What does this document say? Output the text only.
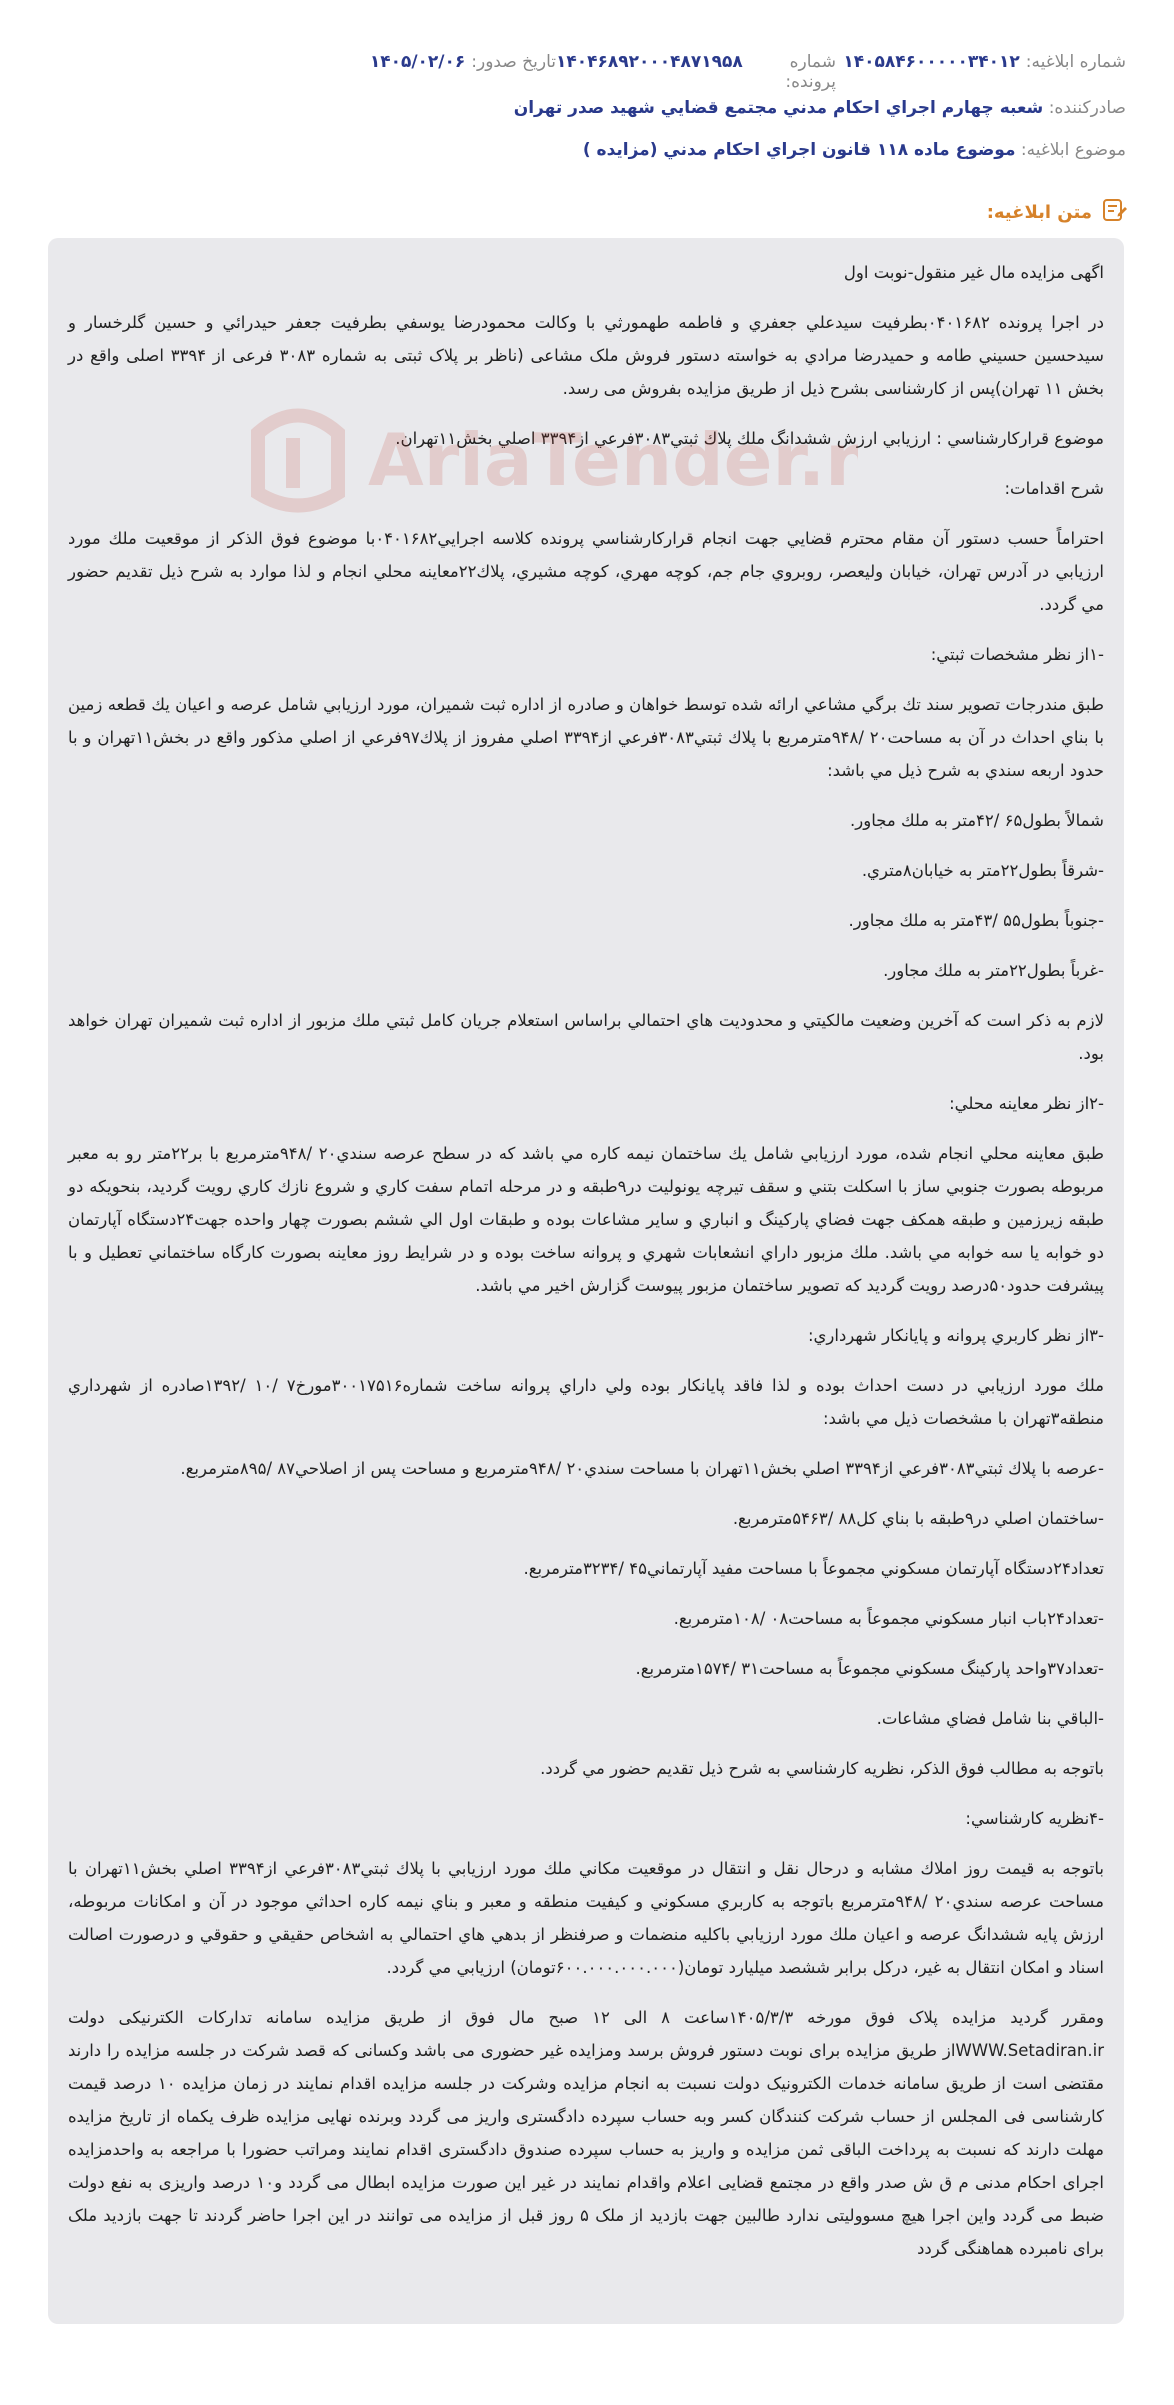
شماره ابلاغيه:
۱۴۰۵۸۴۶۰۰۰۰۰۳۴۰۱۲
شماره پرونده:
۱۴۰۴۶۸۹۲۰۰۰۴۸۷۱۹۵۸
تاريخ صدور:
۱۴۰۵/۰۲/۰۶
صادرکننده: شعبه چهارم اجراي احكام مدني مجتمع قضايي شهيد صدر تهران
موضوع ابلاغيه: موضوع ماده ۱۱۸ قانون اجراي احكام مدني (مزايده )
متن ابلاغيه:
AriaTender.n

اگهی مزایده مال غیر منقول-نوبت اول

در اجرا پرونده ۰۴۰۱۶۸۲بطرفيت سيدعلي جعفري و فاطمه طهمورثي با وكالت محمودرضا يوسفي بطرفيت جعفر حيدرائي و حسين گلرخسار و سيدحسين حسيني طامه و حميدرضا مرادي به خواسته دستور فروش ملک مشاعی (ناظر بر پلاک ثبتی به شماره ۳۰۸۳ فرعی از ۳۳۹۴ اصلی واقع در بخش ۱۱ تهران)پس از کارشناسی بشرح ذیل از طریق مزایده بفروش می رسد.

موضوع قراركارشناسي : ارزيابي ارزش ششدانگ ملك پلاك ثبتي۳۰۸۳فرعي از۳۳۹۴ اصلي بخش۱۱تهران.

شرح اقدامات:

احتراماً حسب دستور آن مقام محترم قضايي جهت انجام قراركارشناسي پرونده كلاسه اجرايي۰۴۰۱۶۸۲با موضوع فوق الذكر از موقعيت ملك مورد ارزيابي در آدرس تهران، خيابان وليعصر، روبروي جام جم، كوچه مهري، كوچه مشيري، پلاك۲۲معاينه محلي انجام و لذا موارد به شرح ذيل تقديم حضور مي گردد.

-۱از نظر مشخصات ثبتي:

طبق مندرجات تصوير سند تك برگي مشاعي ارائه شده توسط خواهان و صادره از اداره ثبت شميران، مورد ارزيابي شامل عرصه و اعيان يك قطعه زمين با بناي احداث در آن به مساحت۲۰ /۹۴۸مترمربع با پلاك ثبتي۳۰۸۳فرعي از۳۳۹۴ اصلي مفروز از پلاك۹۷فرعي از اصلي مذكور واقع در بخش۱۱تهران و با حدود اربعه سندي به شرح ذيل مي باشد:

شمالاً بطول۶۵ /۴۲متر به ملك مجاور.

-شرقاً بطول۲۲متر به خيابان۸متري.

-جنوباً بطول۵۵ /۴۳متر به ملك مجاور.

-غرباً بطول۲۲متر به ملك مجاور.

لازم به ذكر است كه آخرين وضعيت مالكيتي و محدوديت هاي احتمالي براساس استعلام جريان كامل ثبتي ملك مزبور از اداره ثبت شميران تهران خواهد بود.

-۲از نظر معاينه محلي:

طبق معاينه محلي انجام شده، مورد ارزيابي شامل يك ساختمان نيمه كاره مي باشد كه در سطح عرصه سندي۲۰ /۹۴۸مترمربع با بر۲۲متر رو به معبر مربوطه بصورت جنوبي ساز با اسكلت بتني و سقف تيرچه يونوليت در۹طبقه و در مرحله اتمام سفت كاري و شروع نازك كاري رويت گرديد، بنحويكه دو طبقه زيرزمين و طبقه همكف جهت فضاي پاركينگ و انباري و ساير مشاعات بوده و طبقات اول الي ششم بصورت چهار واحده جهت۲۴دستگاه آپارتمان دو خوابه يا سه خوابه مي باشد. ملك مزبور داراي انشعابات شهري و پروانه ساخت بوده و در شرايط روز معاينه بصورت كارگاه ساختماني تعطيل و با پيشرفت حدود۵۰درصد رويت گرديد كه تصوير ساختمان مزبور پيوست گزارش اخير مي باشد.

-۳از نظر كاربري پروانه و پايانكار شهرداري:

ملك مورد ارزيابي در دست احداث بوده و لذا فاقد پايانكار بوده ولي داراي پروانه ساخت شماره۳۰۰۱۷۵۱۶مورخ۷ /۱۰ /۱۳۹۲صادره از شهرداري منطقه۳تهران با مشخصات ذيل مي باشد:

-عرصه با پلاك ثبتي۳۰۸۳فرعي از۳۳۹۴ اصلي بخش۱۱تهران با مساحت سندي۲۰ /۹۴۸مترمربع و مساحت پس از اصلاحي۸۷ /۸۹۵مترمربع.

-ساختمان اصلي در۹طبقه با بناي كل۸۸ /۵۴۶۳مترمربع.

تعداد۲۴دستگاه آپارتمان مسكوني مجموعاً با مساحت مفيد آپارتماني۴۵ /۳۲۳۴مترمربع.

-تعداد۲۴باب انبار مسكوني مجموعاً به مساحت۰۸ /۱۰۸مترمربع.

-تعداد۳۷واحد پاركينگ مسكوني مجموعاً به مساحت۳۱ /۱۵۷۴مترمربع.

-الباقي بنا شامل فضاي مشاعات.

باتوجه به مطالب فوق الذكر، نظريه كارشناسي به شرح ذيل تقديم حضور مي گردد.

-۴نظريه كارشناسي:

باتوجه به قيمت روز املاك مشابه و درحال نقل و انتقال در موقعيت مكاني ملك مورد ارزيابي با پلاك ثبتي۳۰۸۳فرعي از۳۳۹۴ اصلي بخش۱۱تهران با مساحت عرصه سندي۲۰ /۹۴۸مترمربع باتوجه به كاربري مسكوني و كيفيت منطقه و معبر و بناي نيمه كاره احداثي موجود در آن و امكانات مربوطه، ارزش پايه ششدانگ عرصه و اعيان ملك مورد ارزيابي باكليه منضمات و صرفنظر از بدهي هاي احتمالي به اشخاص حقيقي و حقوقي و درصورت اصالت اسناد و امكان انتقال به غير، دركل برابر ششصد ميليارد تومان(۶۰۰.۰۰۰.۰۰۰.۰۰۰تومان) ارزيابي مي گردد.

ومقرر گرديد مزايده پلاک فوق مورخه ۱۴۰۵/۳/۳ساعت ۸ الی ۱۲ صبح مال فوق از طریق مزایده سامانه تدارکات الکترنیکی دولت WWW.Setadiran.irاز طریق مزایده برای نوبت دستور فروش برسد ومزایده غیر حضوری می باشد وکسانی که قصد شرکت در جلسه مزایده را دارند مقتضی است از طریق سامانه خدمات الکترونیک دولت نسبت به انجام مزایده وشرکت در جلسه مزایده اقدام نمایند در زمان مزایده ۱۰ درصد قیمت کارشناسی فی المجلس از حساب شرکت کنندگان کسر وبه حساب سپرده دادگستری واریز می گردد وبرنده نهایی مزایده ظرف یکماه از تاریخ مزایده مهلت دارند که نسبت به پرداخت الباقی ثمن مزایده و واریز به حساب سپرده صندوق دادگستری اقدام نمایند ومراتب حضورا با مراجعه به واحدمزایده اجرای احکام مدنی م ق ش صدر واقع در مجتمع قضایی اعلام واقدام نمایند در غیر این صورت مزایده ابطال می گردد و۱۰ درصد واریزی به نفع دولت ضبط می گردد واین اجرا هیچ مسوولیتی ندارد طالبین جهت بازدید از ملک ۵ روز قبل از مزایده می توانند در این اجرا حاضر گردند تا جهت بازدید ملک برای نامبرده هماهنگی گردد
